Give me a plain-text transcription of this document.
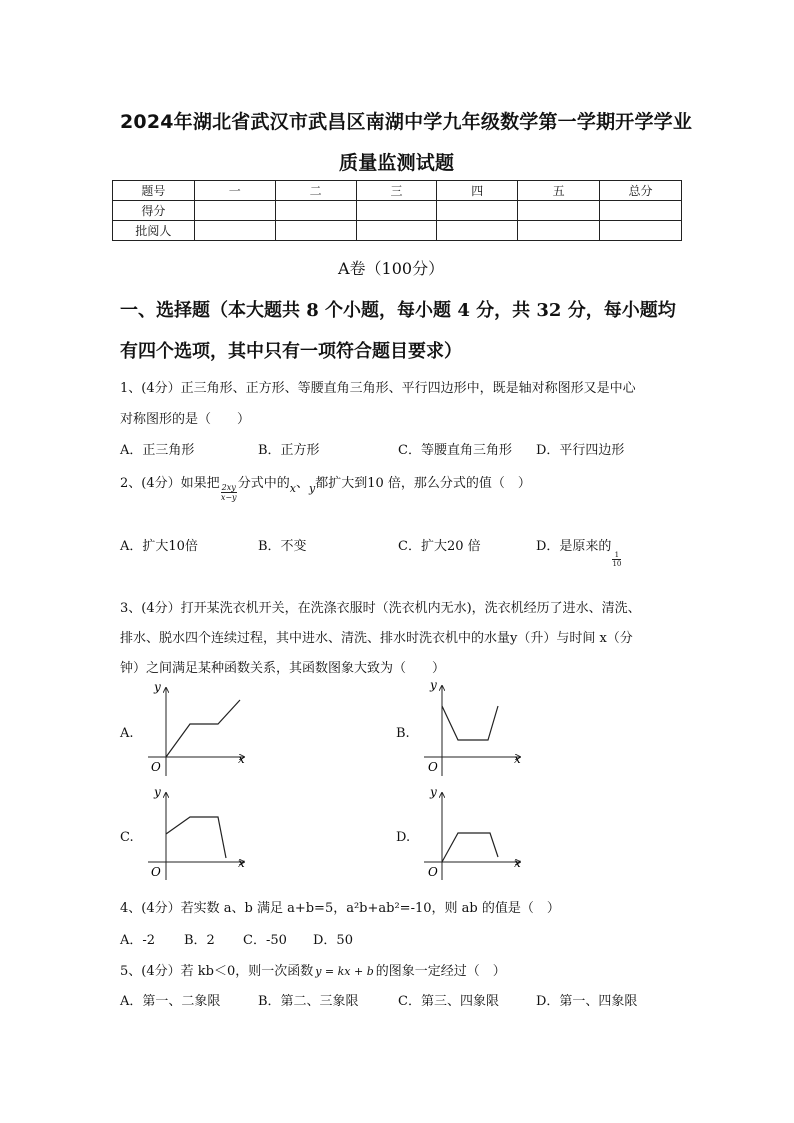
2024年湖北省武汉市武昌区南湖中学九年级数学第一学期开学学业
质量监测试题
题号	一	二	三	四	五	总分
得分						
批阅人						
A卷（100分）
一、选择题（本大题共 8 个小题，每小题 4 分，共 32 分，每小题均
有四个选项，其中只有一项符合题目要求）
1、(4分）正三角形、正方形、等腰直角三角形、平行四边形中，既是轴对称图形又是中心
对称图形的是（　　）
A．正三角形	B．正方形	C．等腰直角三角形 D．平行四边形
2、(4分）如果把 $\frac{2xy}{x-y}$ 分式中的$_x$、$_y$都扩大到10 倍，那么分式的值（　）
A．扩大10倍	B．不变	C．扩大20 倍	D．是原来的
$\frac{1}{10}$
3、(4分）打开某洗衣机开关，在洗涤衣服时（洗衣机内无水)，洗衣机经历了进水、清洗、
排水、脱水四个连续过程，其中进水、清洗、排水时洗衣机中的水量y（升）与时间 x（分
钟）之间满足某种函数关系，其函数图象大致为（　　）
A.	B.
C.	D.
x
y
O
x
y
O
x
y
O
x
y
O
4、(4分）若实数 a、b 满足 a+b=5，a²b+ab²=-10，则 ab 的值是（　）
A．-2 B．2 C．-50 D．50
5、(4分）若 kb＜0，则一次函数 y = kx + b 的图象一定经过（　）
A．第一、二象限	B．第二、三象限	C．第三、四象限	D．第一、四象限
